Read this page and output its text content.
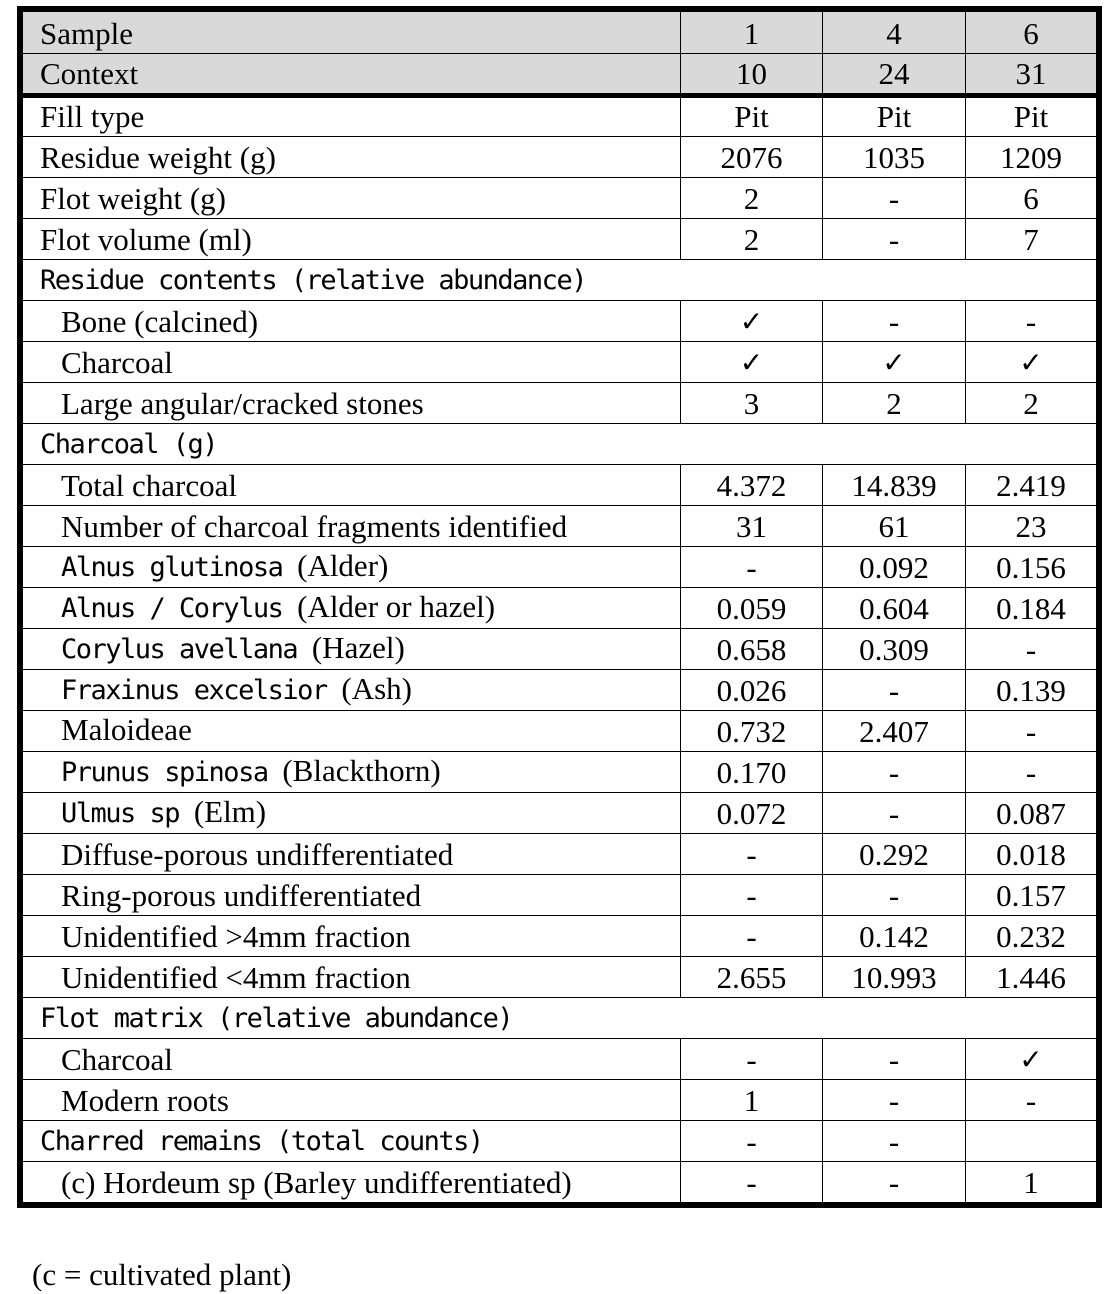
Sample	1	4	6
Context	10	24	31
Fill type	Pit	Pit	Pit
Residue weight (g)	2076	1035	1209
Flot weight (g)	2	-	6
Flot volume (ml)	2	-	7
Residue contents (relative abundance)			
Bone (calcined)	✓	-	-
Charcoal	✓	✓	✓
Large angular/cracked stones	3	2	2
Charcoal (g)			
Total charcoal	4.372	14.839	2.419
Number of charcoal fragments identified	31	61	23
Alnus glutinosa (Alder)	-	0.092	0.156
Alnus / Corylus (Alder or hazel)	0.059	0.604	0.184
Corylus avellana (Hazel)	0.658	0.309	-
Fraxinus excelsior (Ash)	0.026	-	0.139
Maloideae	0.732	2.407	-
Prunus spinosa (Blackthorn)	0.170	-	-
Ulmus sp (Elm)	0.072	-	0.087
Diffuse-porous undifferentiated	-	0.292	0.018
Ring-porous undifferentiated	-	-	0.157
Unidentified >4mm fraction	-	0.142	0.232
Unidentified <4mm fraction	2.655	10.993	1.446
Flot matrix (relative abundance)			
Charcoal	-	-	✓
Modern roots	1	-	-
Charred remains (total counts)	-	-	
(c) Hordeum sp (Barley undifferentiated)	-	-	1
(c = cultivated plant)
